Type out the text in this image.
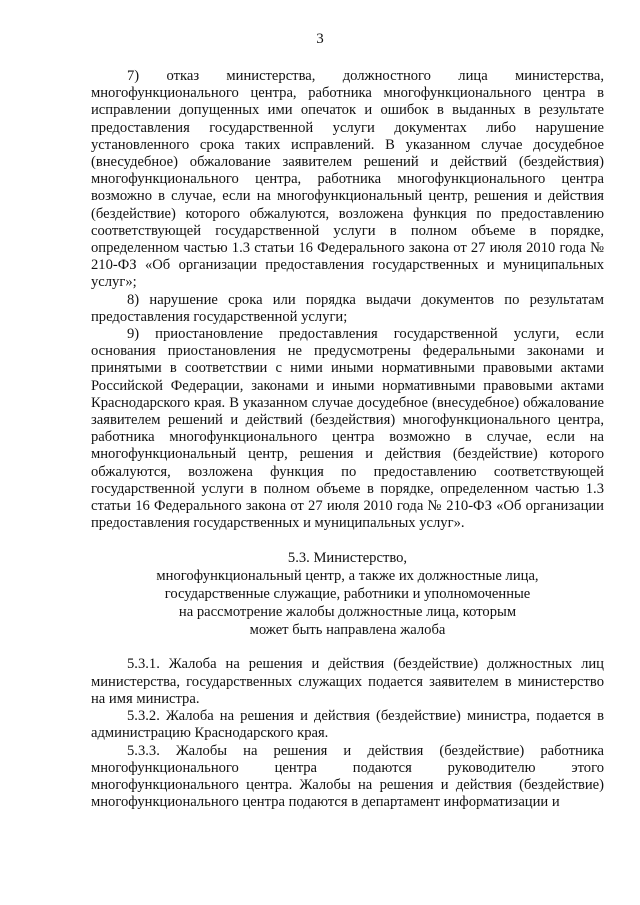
3

7) отказ министерства, должностного лица министерства, многофункционального центра, работника многофункционального центра в исправлении допущенных ими опечаток и ошибок в выданных в результате предоставления государственной услуги документах либо нарушение установленного срока таких исправлений. В указанном случае досудебное (внесудебное) обжалование заявителем решений и действий (бездействия) многофункционального центра, работника многофункционального центра возможно в случае, если на многофункциональный центр, решения и действия (бездействие) которого обжалуются, возложена функция по предоставлению соответствующей государственной услуги в полном объеме в порядке, определенном частью 1.3 статьи 16 Федерального закона от 27 июля 2010 года № 210-ФЗ «Об организации предоставления государственных и муниципальных услуг»;

8) нарушение срока или порядка выдачи документов по результатам предоставления государственной услуги;

9) приостановление предоставления государственной услуги, если основания приостановления не предусмотрены федеральными законами и принятыми в соответствии с ними иными нормативными правовыми актами Российской Федерации, законами и иными нормативными правовыми актами Краснодарского края. В указанном случае досудебное (внесудебное) обжалование заявителем решений и действий (бездействия) многофункционального центра, работника многофункционального центра возможно в случае, если на многофункциональный центр, решения и действия (бездействие) которого обжалуются, возложена функция по предоставлению соответствующей государственной услуги в полном объеме в порядке, определенном частью 1.3 статьи 16 Федерального закона от 27 июля 2010 года № 210-ФЗ «Об организации предоставления государственных и муниципальных услуг».

5.3. Министерство,
многофункциональный центр, а также их должностные лица,
государственные служащие, работники и уполномоченные
на рассмотрение жалобы должностные лица, которым
может быть направлена жалоба

5.3.1. Жалоба на решения и действия (бездействие) должностных лиц министерства, государственных служащих подается заявителем в министерство на имя министра.

5.3.2. Жалоба на решения и действия (бездействие) министра, подается в администрацию Краснодарского края.

5.3.3. Жалобы на решения и действия (бездействие) работника многофункционального центра подаются руководителю этого многофункционального центра. Жалобы на решения и действия (бездействие) многофункционального центра подаются в департамент информатизации и
